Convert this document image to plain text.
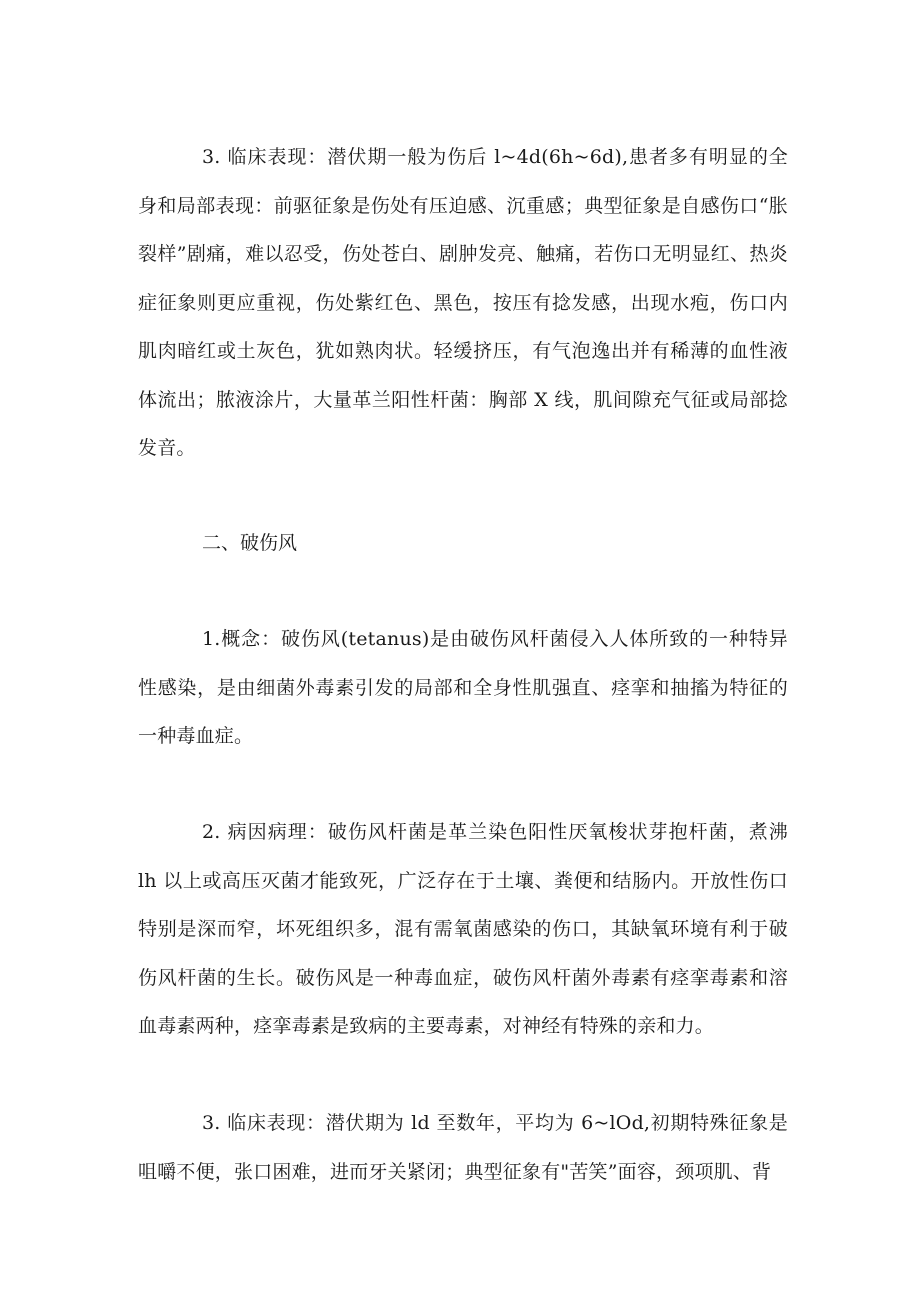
3. 临床表现：潜伏期一般为伤后 l~4d(6h~6d),患者多有明显的全身和局部表现：前驱征象是伤处有压迫感、沉重感；典型征象是自感伤口“胀裂样”剧痛，难以忍受，伤处苍白、剧肿发亮、触痛，若伤口无明显红、热炎症征象则更应重视，伤处紫红色、黑色，按压有捻发感，出现水疱，伤口内肌肉暗红或土灰色，犹如熟肉状。轻缓挤压，有气泡逸出并有稀薄的血性液体流出；脓液涂片，大量革兰阳性杆菌：胸部 X 线，肌间隙充气征或局部捻发音。

二、破伤风

1.概念：破伤风(tetanus)是由破伤风杆菌侵入人体所致的一种特异性感染，是由细菌外毒素引发的局部和全身性肌强直、痉挛和抽搐为特征的一种毒血症。

2. 病因病理：破伤风杆菌是革兰染色阳性厌氧梭状芽抱杆菌，煮沸 lh 以上或高压灭菌才能致死，广泛存在于土壤、粪便和结肠内。开放性伤口特别是深而窄，坏死组织多，混有需氧菌感染的伤口，其缺氧环境有利于破伤风杆菌的生长。破伤风是一种毒血症，破伤风杆菌外毒素有痉挛毒素和溶血毒素两种，痉挛毒素是致病的主要毒素，对神经有特殊的亲和力。

3. 临床表现：潜伏期为 ld 至数年，平均为 6~lOd,初期特殊征象是咀嚼不便，张口困难，进而牙关紧闭；典型征象有"苦笑”面容，颈项肌、背
